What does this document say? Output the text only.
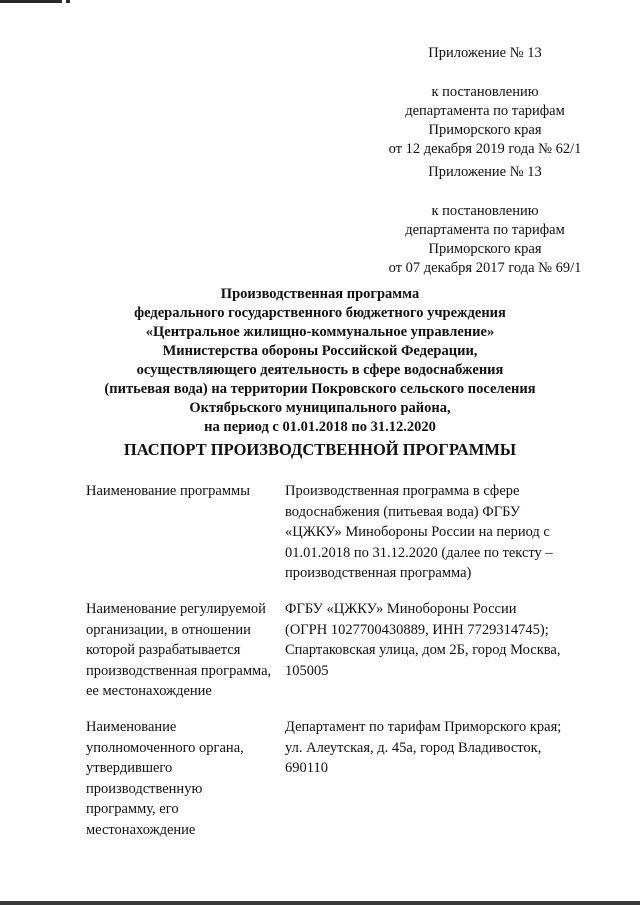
Приложение № 13
к постановлению
департамента по тарифам
Приморского края
от 12 декабря 2019 года № 62/1
Приложение № 13
к постановлению
департамента по тарифам
Приморского края
от 07 декабря 2017 года № 69/1
Производственная программа
федерального государственного бюджетного учреждения
«Центральное жилищно-коммунальное управление»
Министерства обороны Российской Федерации,
осуществляющего деятельность в сфере водоснабжения
(питьевая вода) на территории Покровского сельского поселения
Октябрьского муниципального района,
на период с 01.01.2018 по 31.12.2020
ПАСПОРТ ПРОИЗВОДСТВЕННОЙ ПРОГРАММЫ
Наименование программы	Производственная программа в сфере
водоснабжения (питьевая вода) ФГБУ
«ЦЖКУ» Минобороны России на период с
01.01.2018 по 31.12.2020 (далее по тексту –
производственная программа)
Наименование регулируемой
организации, в отношении
которой разрабатывается
производственная программа,
ее местонахождение
ФГБУ «ЦЖКУ» Минобороны России
(ОГРН 1027700430889, ИНН 7729314745);
Спартаковская улица, дом 2Б, город Москва,
105005
Наименование
уполномоченного органа,
утвердившего
производственную
программу, его
местонахождение
Департамент по тарифам Приморского края;
ул. Алеутская, д. 45а, город Владивосток,
690110
